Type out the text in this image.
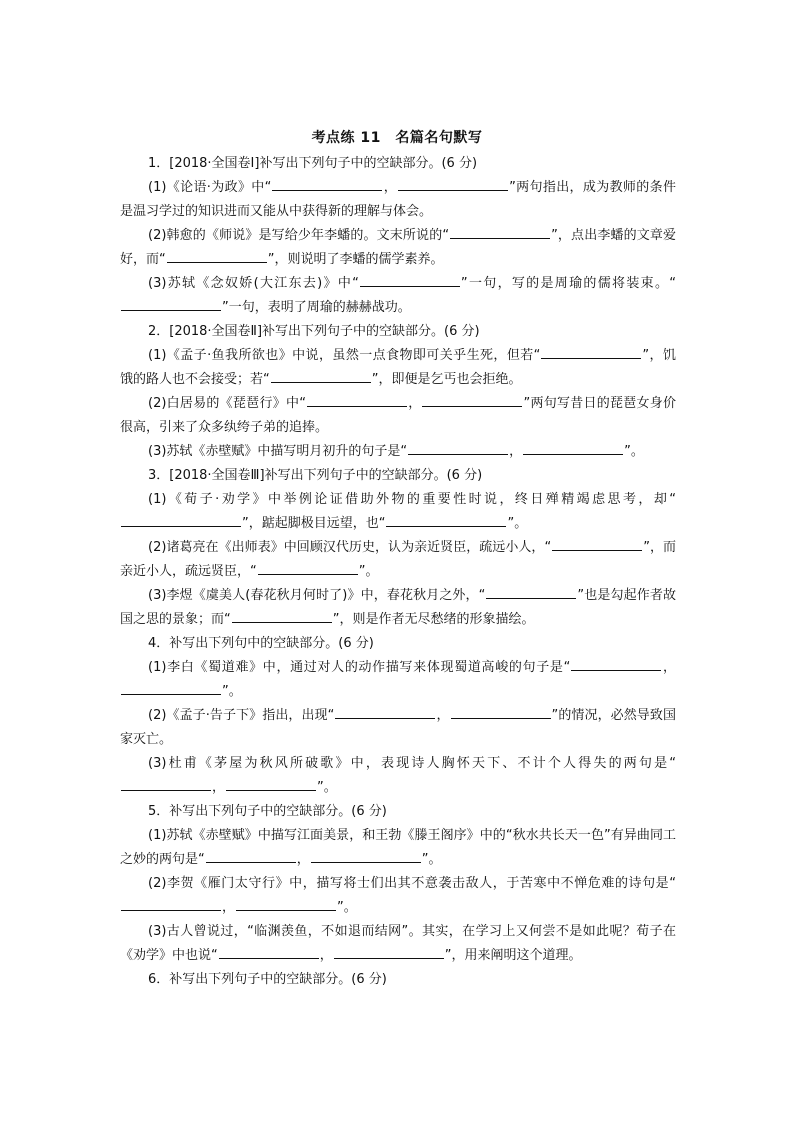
考点练 11　名篇名句默写

1．[2018·全国卷Ⅰ]补写出下列句子中的空缺部分。(6 分)

(1)《论语·为政》中“	，	”两句指出，成为教师的条件是温习学过的知识进而又能从中获得新的理解与体会。

(2)韩愈的《师说》是写给少年李蟠的。文末所说的“	”，点出李蟠的文章爱好，而“	”，则说明了李蟠的儒学素养。

(3)苏轼《念奴娇(大江东去)》中“	”一句，写的是周瑜的儒将装束。“”一句，表明了周瑜的赫赫战功。

2．[2018·全国卷Ⅱ]补写出下列句子中的空缺部分。(6 分)

(1)《孟子·鱼我所欲也》中说，虽然一点食物即可关乎生死，但若“	”，饥饿的路人也不会接受；若“	”，即便是乞丐也会拒绝。

(2)白居易的《琵琶行》中“	，	”两句写昔日的琵琶女身价很高，引来了众多纨绔子弟的追捧。

(3)苏轼《赤壁赋》中描写明月初升的句子是“	，	”。

3．[2018·全国卷Ⅲ]补写出下列句子中的空缺部分。(6 分)

(1)《荀子·劝学》中举例论证借助外物的重要性时说，终日殚精竭虑思考，却“”，踮起脚极目远望，也“	”。

(2)诸葛亮在《出师表》中回顾汉代历史，认为亲近贤臣，疏远小人，“	”，而亲近小人，疏远贤臣，“	”。

(3)李煜《虞美人(春花秋月何时了)》中，春花秋月之外，“	”也是勾起作者故国之思的景象；而“	”，则是作者无尽愁绪的形象描绘。

4．补写出下列句中的空缺部分。(6 分)

(1)李白《蜀道难》中，通过对人的动作描写来体现蜀道高峻的句子是“	，”。

(2)《孟子·告子下》指出，出现“	，	”的情况，必然导致国家灭亡。

(3)杜甫《茅屋为秋风所破歌》中，表现诗人胸怀天下、不计个人得失的两句是“，	”。

5．补写出下列句子中的空缺部分。(6 分)

(1)苏轼《赤壁赋》中描写江面美景，和王勃《滕王阁序》中的“秋水共长天一色”有异曲同工之妙的两句是“	，	”。

(2)李贺《雁门太守行》中，描写将士们出其不意袭击敌人，于苦寒中不惮危难的诗句是“，	”。

(3)古人曾说过，“临渊羡鱼，不如退而结网”。其实，在学习上又何尝不是如此呢？荀子在《劝学》中也说“	，	”，用来阐明这个道理。

6．补写出下列句子中的空缺部分。(6 分)
